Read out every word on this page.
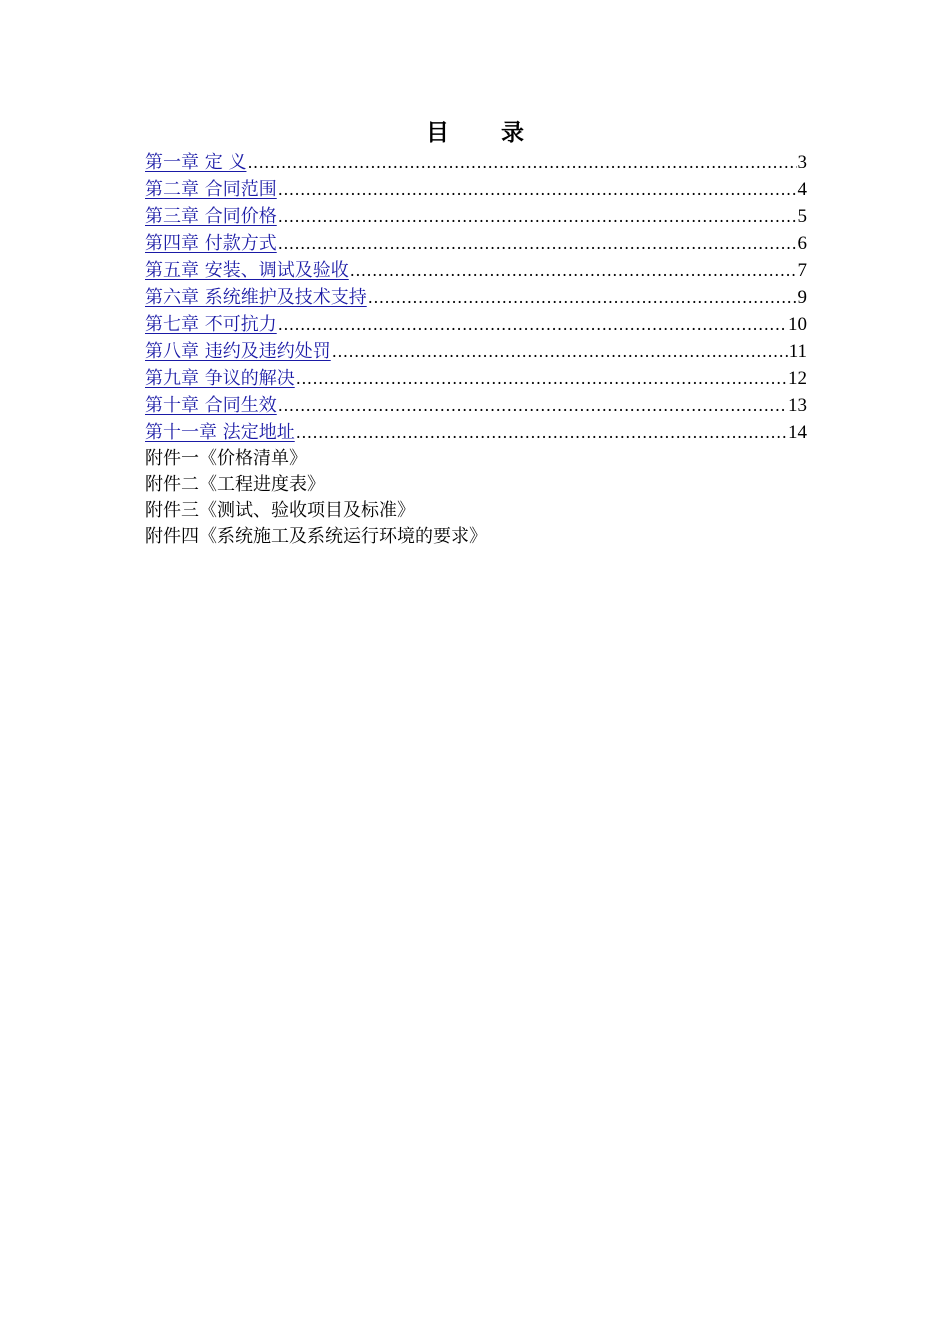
目 录
第一章 定 义 .....	3
第二章 合同范围 .....	4
第三章 合同价格 .....	5
第四章 付款方式 .....	6
第五章 安装、调试及验收 .....	7
第六章 系统维护及技术支持 .....	9
第七章 不可抗力 .....	10
第八章 违约及违约处罚 .....	11
第九章 争议的解决 .....	12
第十章 合同生效 .....	13
第十一章 法定地址 .....	14
附件一《价格清单》
附件二《工程进度表》
附件三《测试、验收项目及标准》
附件四《系统施工及系统运行环境的要求》
